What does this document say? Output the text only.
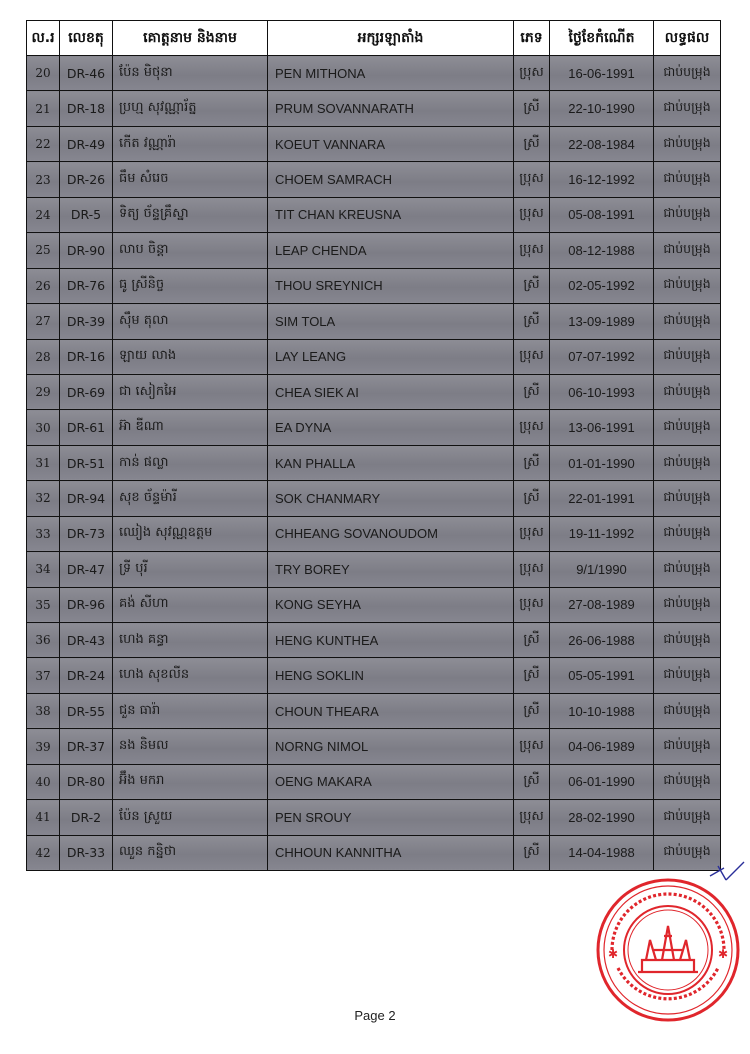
ល.រ	លេខតុ	គោត្តនាម និងនាម	អក្សរឡាតាំង	ភេទ	ថ្ងៃខែកំណើត	លទ្ធផល
20	DR-46	ប៉ែន មិថុនា	PEN MITHONA	ប្រុស	16-06-1991	ជាប់បម្រុង
21	DR-18	ប្រហ្ម សុវណ្ណារ័ត្ន	PRUM SOVANNARATH	ស្រី	22-10-1990	ជាប់បម្រុង
22	DR-49	កើត វណ្ណារ៉ា	KOEUT VANNARA	ស្រី	22-08-1984	ជាប់បម្រុង
23	DR-26	ធឹម សំរេច	CHOEM SAMRACH	ប្រុស	16-12-1992	ជាប់បម្រុង
24	DR-5	ទិត្យ ច័ន្ទគ្រឹស្នា	TIT CHAN KREUSNA	ប្រុស	05-08-1991	ជាប់បម្រុង
25	DR-90	លាប ចិន្តា	LEAP CHENDA	ប្រុស	08-12-1988	ជាប់បម្រុង
26	DR-76	ធូ ស្រីនិច្ច	THOU SREYNICH	ស្រី	02-05-1992	ជាប់បម្រុង
27	DR-39	ស៊ឹម តុលា	SIM TOLA	ស្រី	13-09-1989	ជាប់បម្រុង
28	DR-16	ឡាយ លាង	LAY LEANG	ប្រុស	07-07-1992	ជាប់បម្រុង
29	DR-69	ជា សៀកអៃ	CHEA SIEK AI	ស្រី	06-10-1993	ជាប់បម្រុង
30	DR-61	អ៊ា ឌីណា	EA DYNA	ប្រុស	13-06-1991	ជាប់បម្រុង
31	DR-51	កាន់ ផល្លា	KAN PHALLA	ស្រី	01-01-1990	ជាប់បម្រុង
32	DR-94	សុខ ច័ន្ទម៉ារី	SOK CHANMARY	ស្រី	22-01-1991	ជាប់បម្រុង
33	DR-73	ឈៀង សុវណ្ណឧត្តម	CHHEANG SOVANOUDOM	ប្រុស	19-11-1992	ជាប់បម្រុង
34	DR-47	ទ្រី បុរី	TRY BOREY	ប្រុស	9/1/1990	ជាប់បម្រុង
35	DR-96	គង់ សីហា	KONG SEYHA	ប្រុស	27-08-1989	ជាប់បម្រុង
36	DR-43	ហេង គន្ធា	HENG KUNTHEA	ស្រី	26-06-1988	ជាប់បម្រុង
37	DR-24	ហេង សុខលីន	HENG SOKLIN	ស្រី	05-05-1991	ជាប់បម្រុង
38	DR-55	ជួន ធារ៉ា	CHOUN THEARA	ស្រី	10-10-1988	ជាប់បម្រុង
39	DR-37	នង និមល	NORNG NIMOL	ប្រុស	04-06-1989	ជាប់បម្រុង
40	DR-80	អ៊ឹង មករា	OENG MAKARA	ស្រី	06-01-1990	ជាប់បម្រុង
41	DR-2	ប៉ែន ស្រួយ	PEN SROUY	ប្រុស	28-02-1990	ជាប់បម្រុង
42	DR-33	ឈួន កន្និថា	CHHOUN KANNITHA	ស្រី	14-04-1988	ជាប់បម្រុង
✱	✱
Page 2
